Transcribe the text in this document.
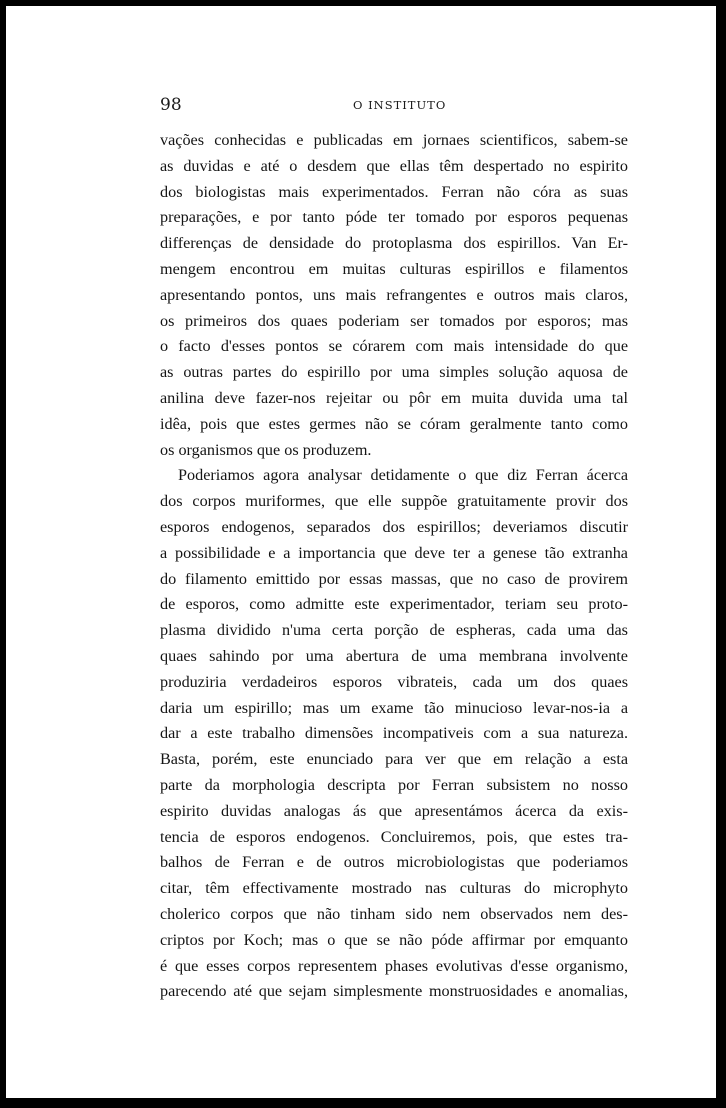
98	O INSTITUTO
vações conhecidas e publicadas em jornaes scientificos, sabem-se
as duvidas e até o desdem que ellas têm despertado no espirito
dos biologistas mais experimentados. Ferran não córa as suas
preparações, e por tanto póde ter tomado por esporos pequenas
differenças de densidade do protoplasma dos espirillos. Van Er-
mengem encontrou em muitas culturas espirillos e filamentos
apresentando pontos, uns mais refrangentes e outros mais claros,
os primeiros dos quaes poderiam ser tomados por esporos; mas
o facto d'esses pontos se córarem com mais intensidade do que
as outras partes do espirillo por uma simples solução aquosa de
anilina deve fazer-nos rejeitar ou pôr em muita duvida uma tal
idêa, pois que estes germes não se córam geralmente tanto como
os organismos que os produzem.
Poderiamos agora analysar detidamente o que diz Ferran ácerca
dos corpos muriformes, que elle suppõe gratuitamente provir dos
esporos endogenos, separados dos espirillos; deveriamos discutir
a possibilidade e a importancia que deve ter a genese tão extranha
do filamento emittido por essas massas, que no caso de provirem
de esporos, como admitte este experimentador, teriam seu proto-
plasma dividido n'uma certa porção de espheras, cada uma das
quaes sahindo por uma abertura de uma membrana involvente
produziria verdadeiros esporos vibrateis, cada um dos quaes
daria um espirillo; mas um exame tão minucioso levar-nos-ia a
dar a este trabalho dimensões incompativeis com a sua natureza.
Basta, porém, este enunciado para ver que em relação a esta
parte da morphologia descripta por Ferran subsistem no nosso
espirito duvidas analogas ás que apresentámos ácerca da exis-
tencia de esporos endogenos. Concluiremos, pois, que estes tra-
balhos de Ferran e de outros microbiologistas que poderiamos
citar, têm effectivamente mostrado nas culturas do microphyto
cholerico corpos que não tinham sido nem observados nem des-
criptos por Koch; mas o que se não póde affirmar por emquanto
é que esses corpos representem phases evolutivas d'esse organismo,
parecendo até que sejam simplesmente monstruosidades e anomalias,
